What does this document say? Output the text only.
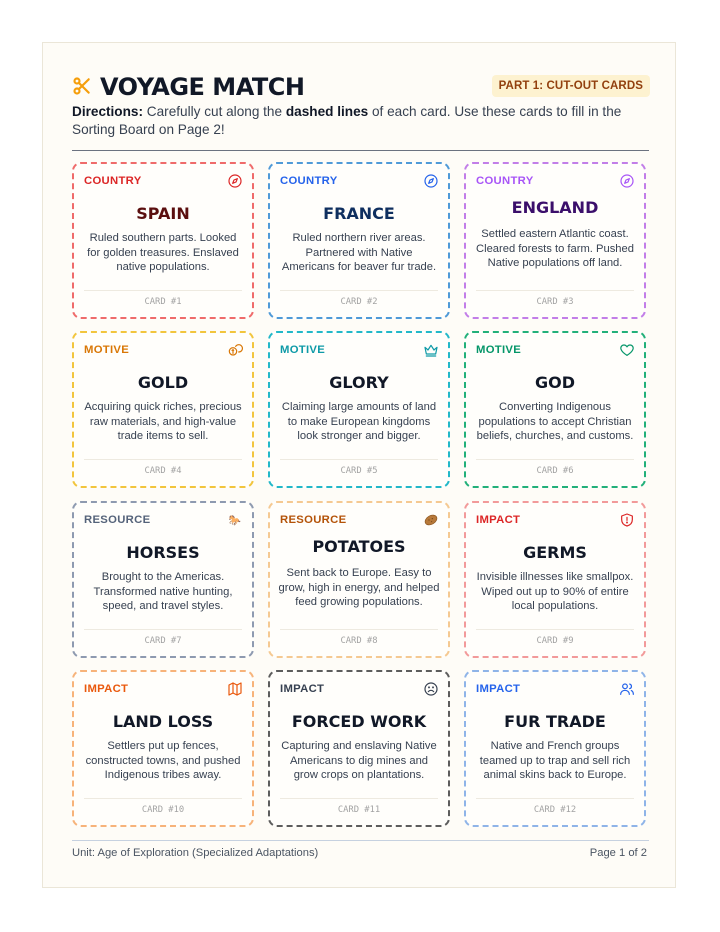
VOYAGE MATCH	PART 1: CUT-OUT CARDS
Directions: Carefully cut along the dashed lines of each card. Use these cards to fill in the Sorting Board on Page 2!
COUNTRY
SPAIN
Ruled southern parts. Looked for golden treasures. Enslaved native populations.
CARD #1
COUNTRY
FRANCE
Ruled northern river areas. Partnered with Native Americans for beaver fur trade.
CARD #2
COUNTRY
ENGLAND
Settled eastern Atlantic coast. Cleared forests to farm. Pushed Native populations off land.
CARD #3
MOTIVE
GOLD
Acquiring quick riches, precious raw materials, and high-value trade items to sell.
CARD #4
MOTIVE
GLORY
Claiming large amounts of land to make European kingdoms look stronger and bigger.
CARD #5
MOTIVE
GOD
Converting Indigenous populations to accept Christian beliefs, churches, and customs.
CARD #6
RESOURCE	🐎
HORSES
Brought to the Americas. Transformed native hunting, speed, and travel styles.
CARD #7
RESOURCE
POTATOES
Sent back to Europe. Easy to grow, high in energy, and helped feed growing populations.
CARD #8
IMPACT
GERMS
Invisible illnesses like smallpox. Wiped out up to 90% of entire local populations.
CARD #9
IMPACT
LAND LOSS
Settlers put up fences, constructed towns, and pushed Indigenous tribes away.
CARD #10
IMPACT
FORCED WORK
Capturing and enslaving Native Americans to dig mines and grow crops on plantations.
CARD #11
IMPACT
FUR TRADE
Native and French groups teamed up to trap and sell rich animal skins back to Europe.
CARD #12
Unit: Age of Exploration (Specialized Adaptations)	Page 1 of 2
